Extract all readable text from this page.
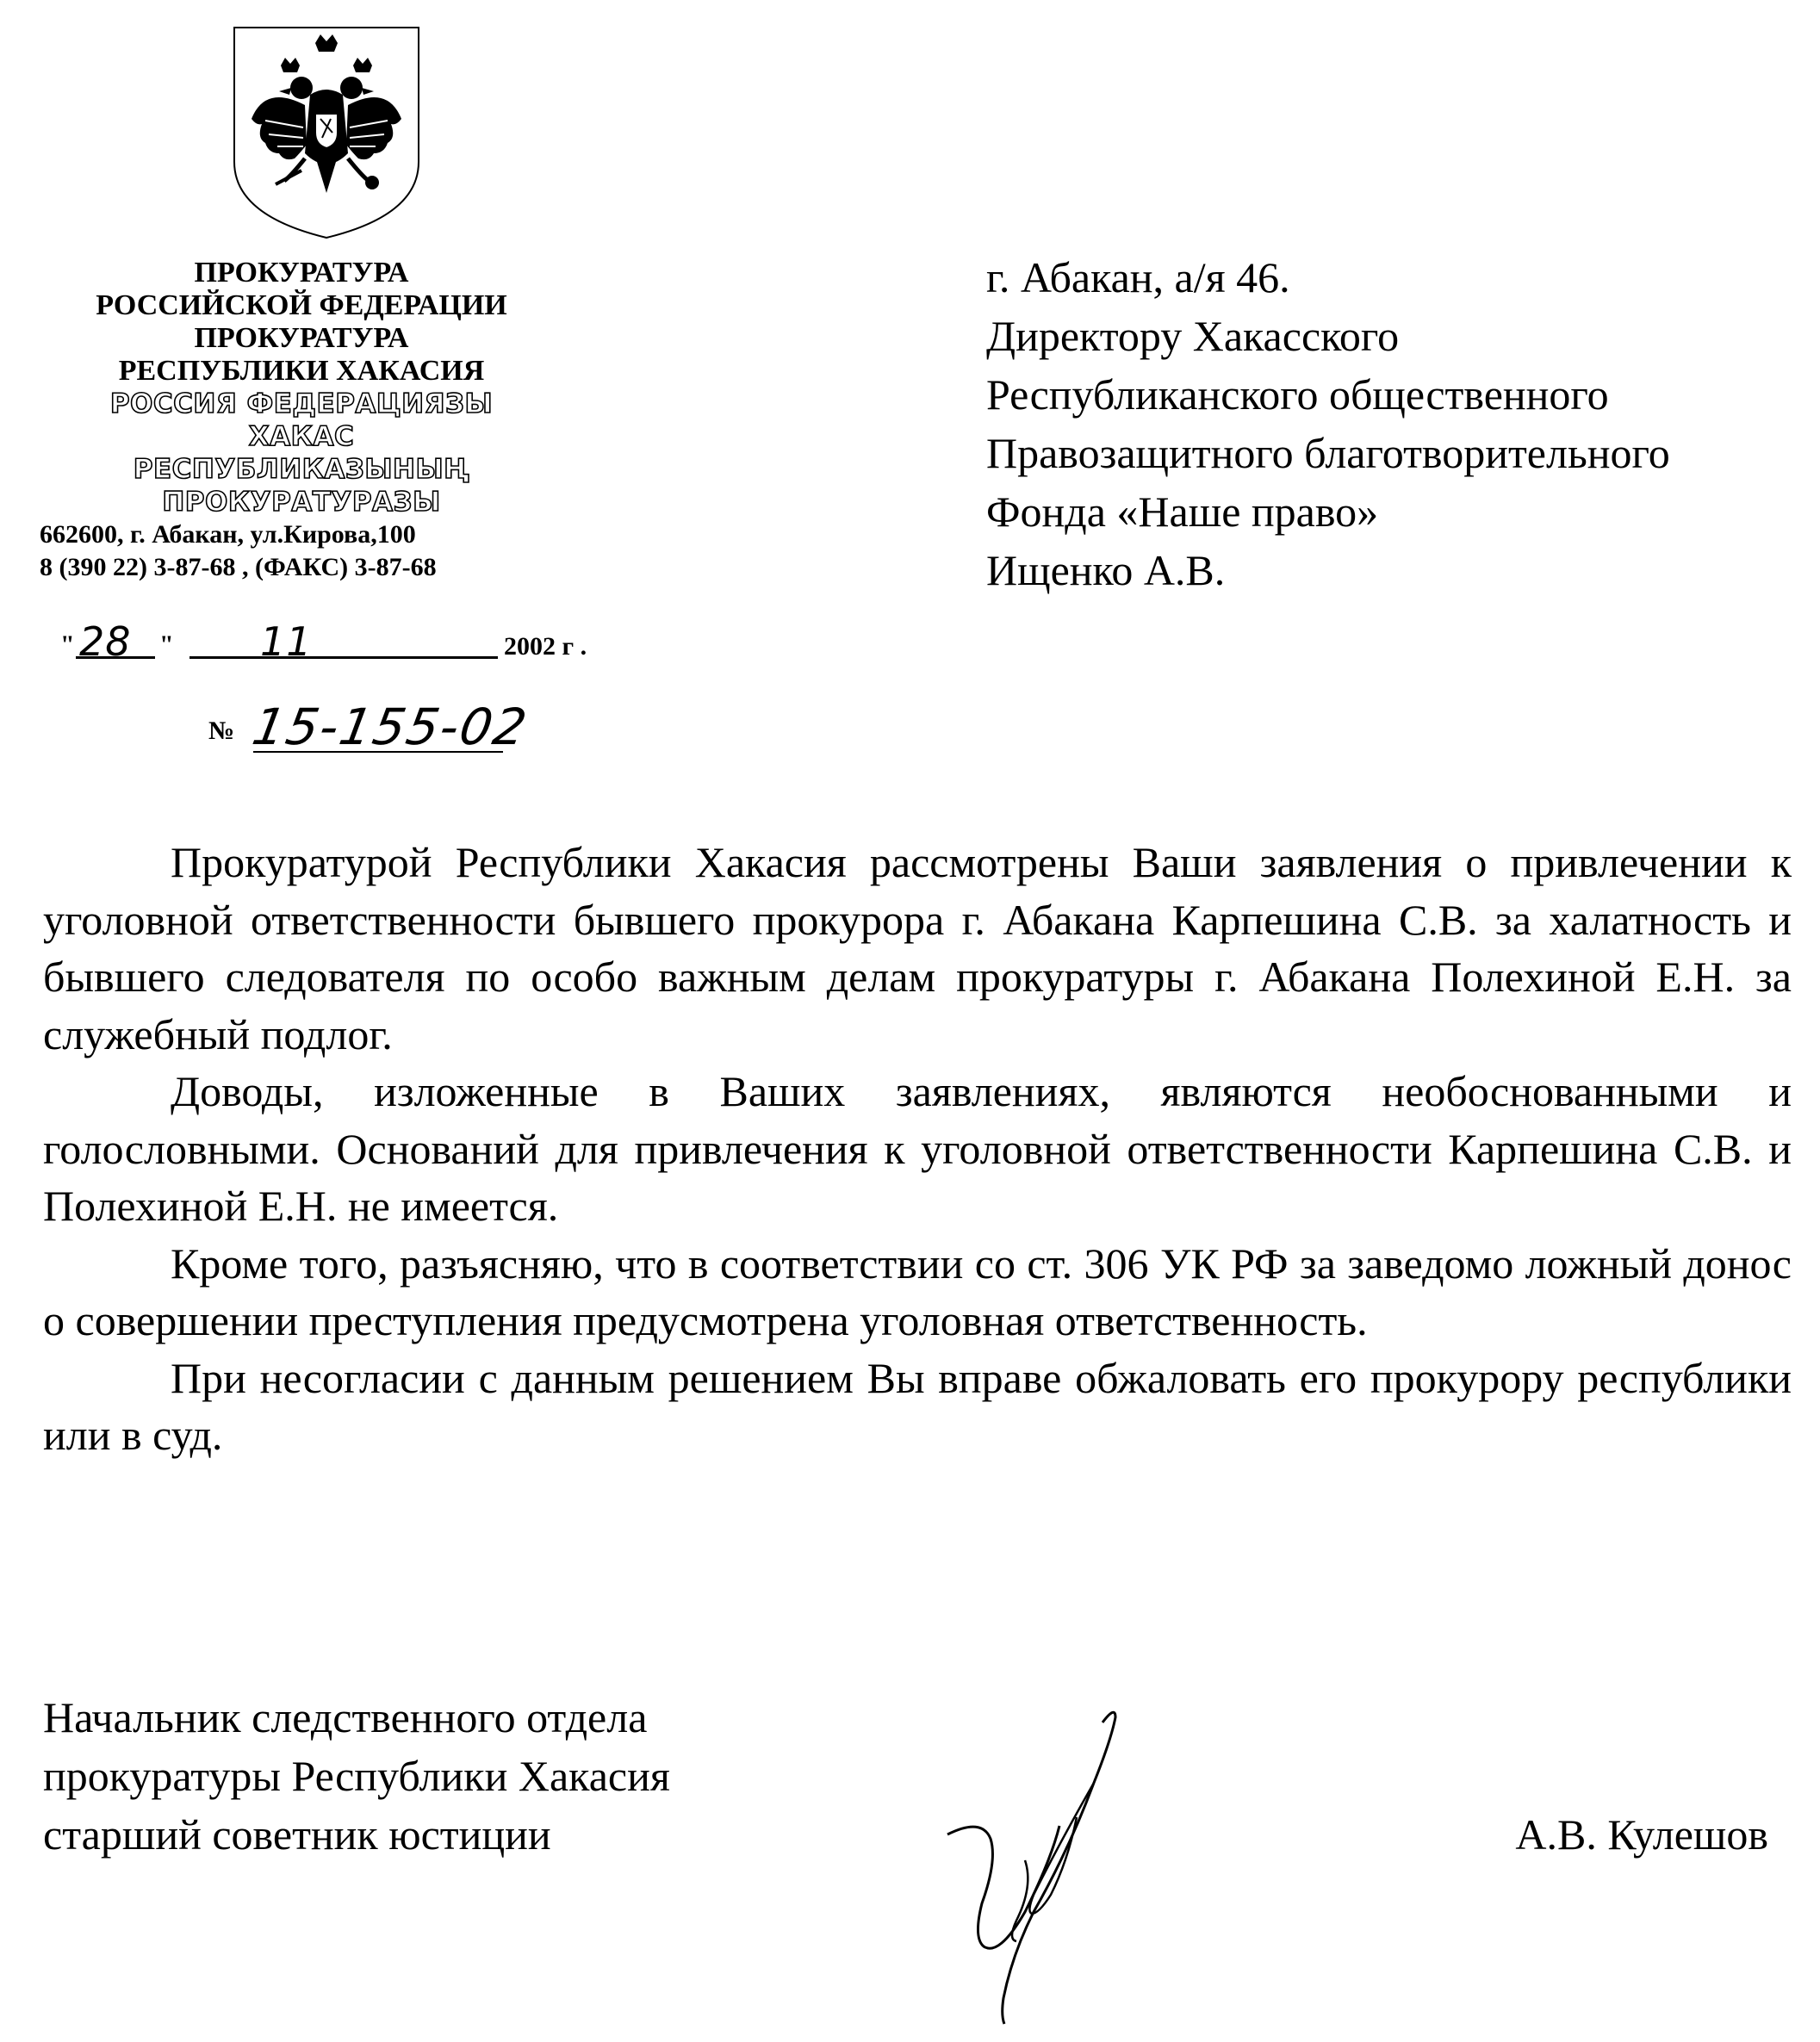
ПРОКУРАТУРА
РОССИЙСКОЙ ФЕДЕРАЦИИ
ПРОКУРАТУРА
РЕСПУБЛИКИ ХАКАСИЯ
РОССИЯ ФЕДЕРАЦИЯЗЫ
ХАКАС
РЕСПУБЛИКАЗЫНЫҢ
ПРОКУРАТУРАЗЫ
662600, г. Абакан, ул.Кирова,100
8 (390 22) 3-87-68 , (ФАКС) 3-87-68
" 28 " 11	2002 г .
№ 15-155-02
г. Абакан, а/я 46.
Директору Хакасского
Республиканского общественного
Правозащитного благотворительного
Фонда «Наше право»
Ищенко А.В.

Прокуратурой Республики Хакасия рассмотрены Ваши заявления о привлечении к уголовной ответственности бывшего прокурора г. Абакана Карпешина С.В. за халатность и бывшего следователя по особо важным делам прокуратуры г. Абакана Полехиной Е.Н. за служебный подлог.

Доводы, изложенные в Ваших заявлениях, являются необоснованными и голословными. Оснований для привлечения к уголовной ответственности Карпешина С.В. и Полехиной Е.Н. не имеется.

Кроме того, разъясняю, что в соответствии со ст. 306 УК РФ за заведомо ложный донос о совершении преступления предусмотрена уголовная ответственность.

При несогласии с данным решением Вы вправе обжаловать его прокурору республики или в суд.

Начальник следственного отдела
прокуратуры Республики Хакасия
старший советник юстиции	А.В. Кулешов
